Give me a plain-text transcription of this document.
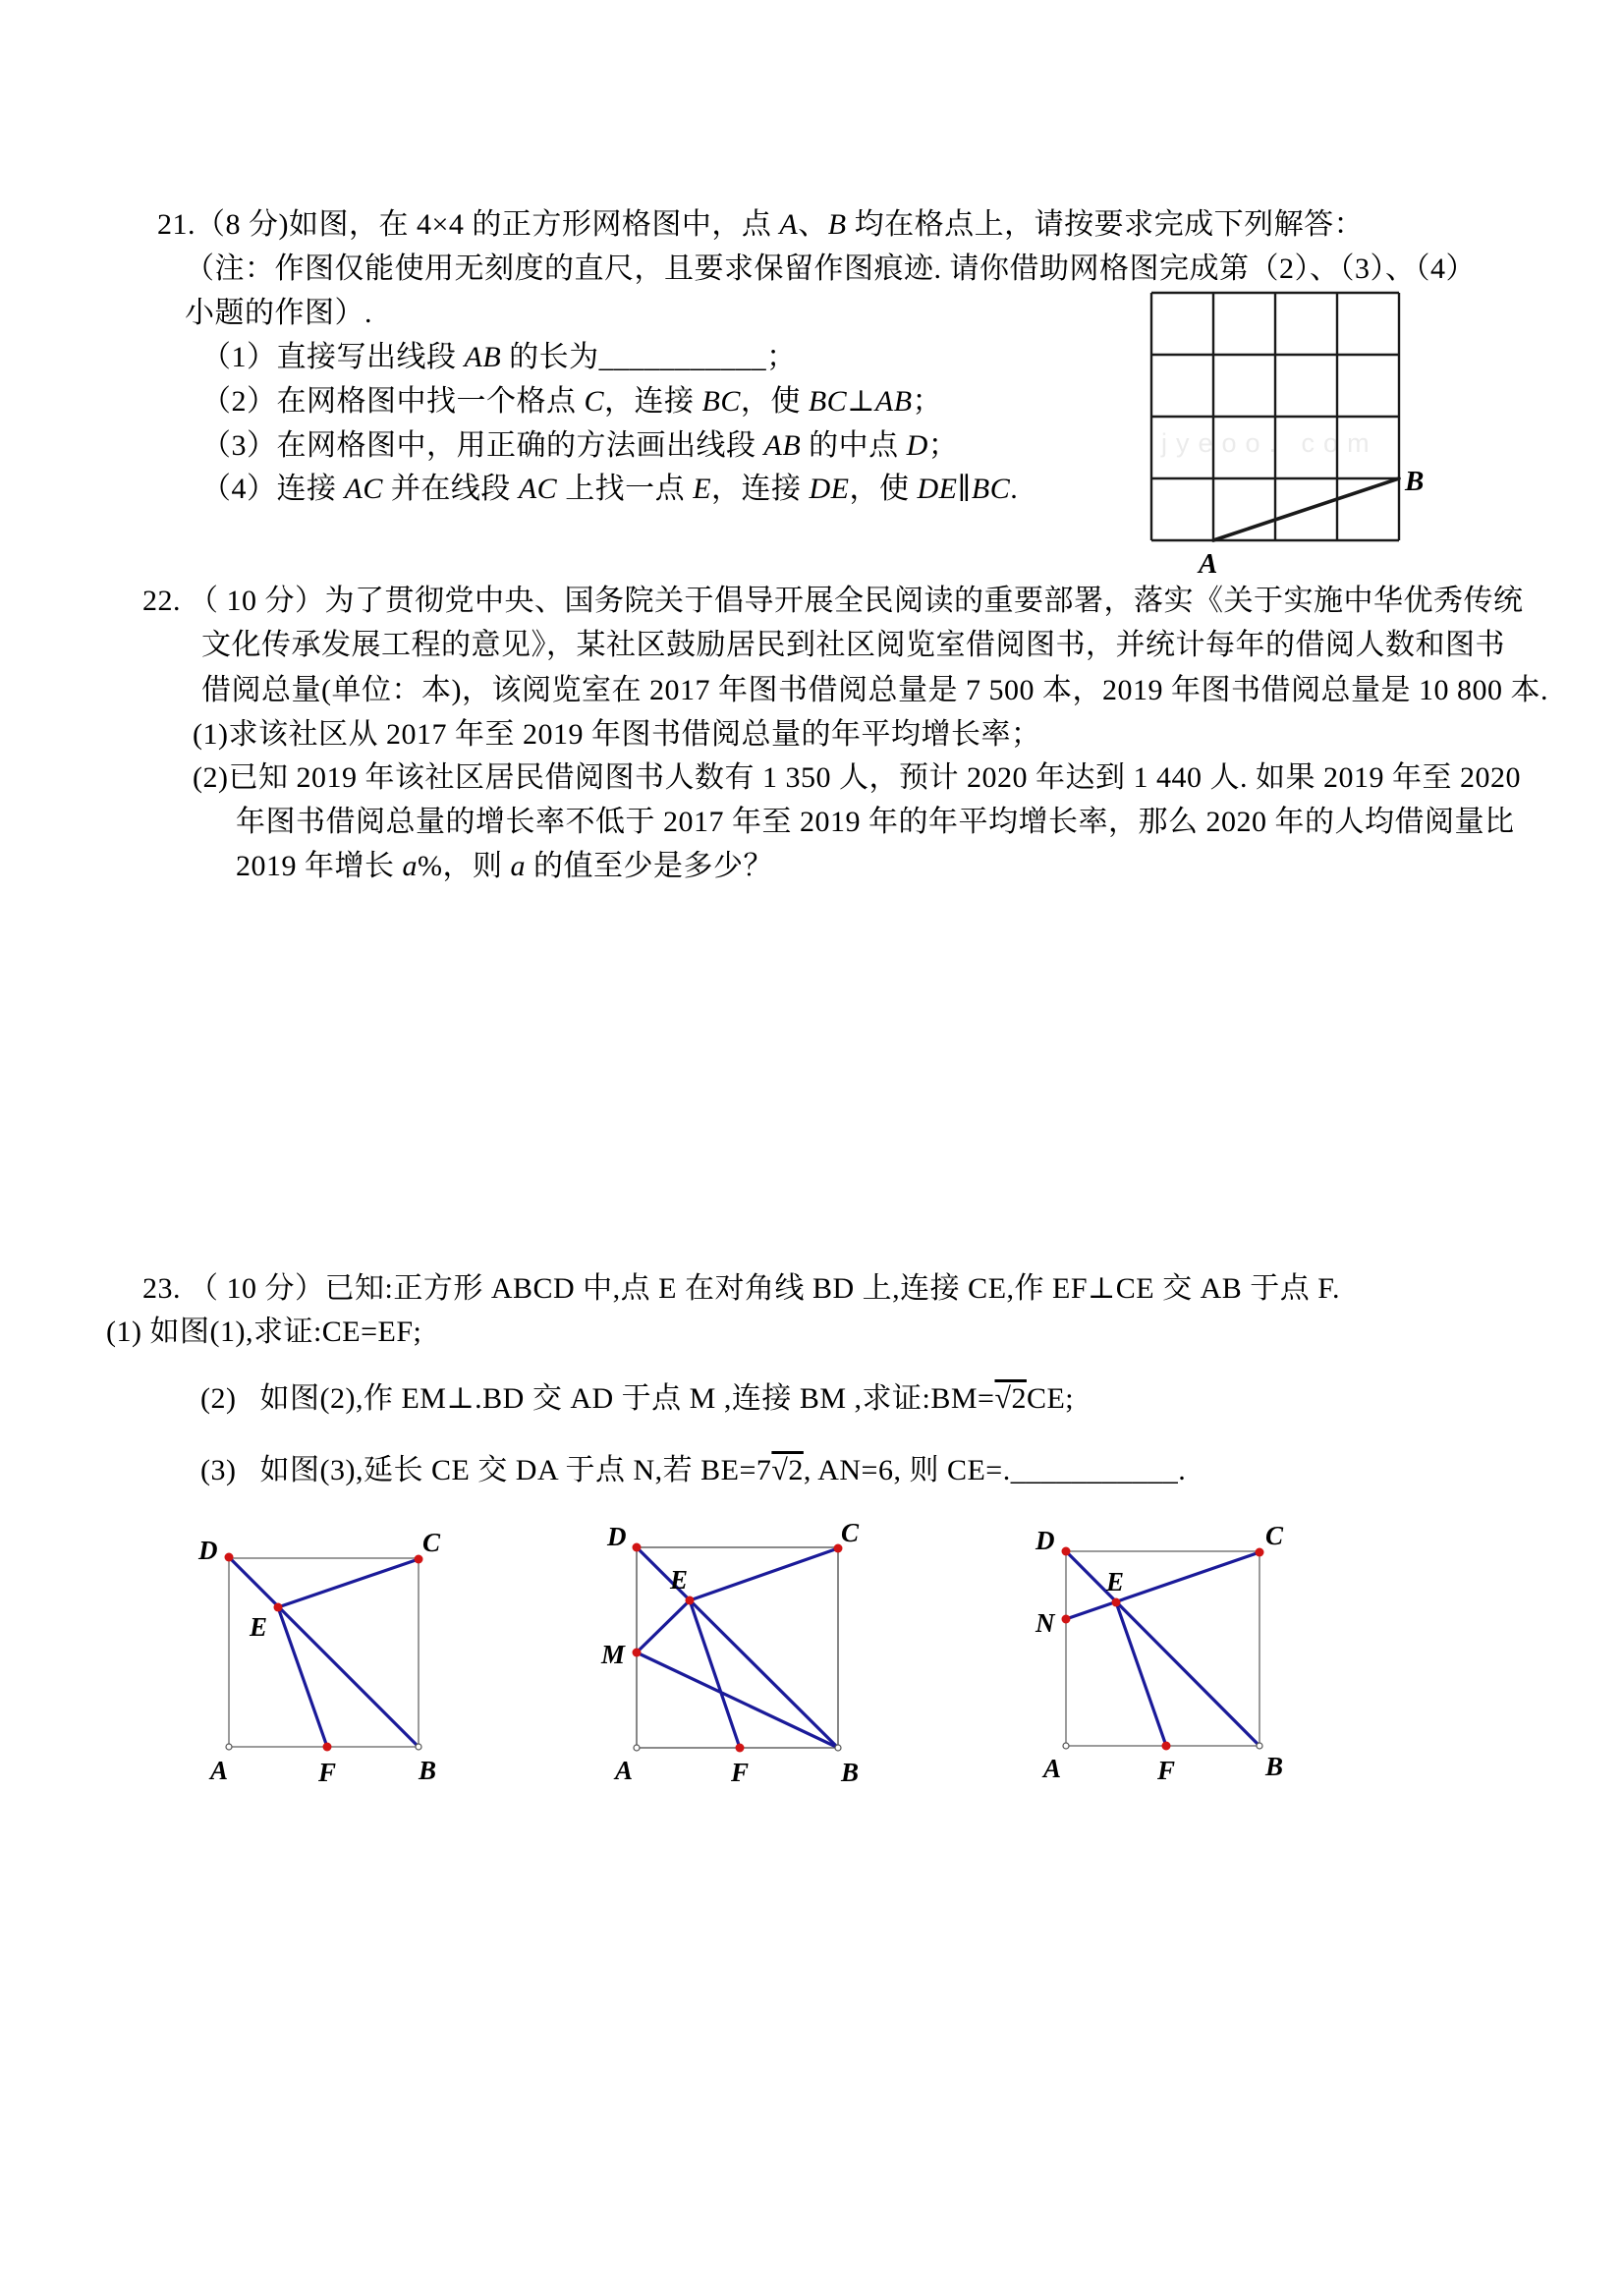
21.（8 分)如图，在 4×4 的正方形网格图中，点 A、B 均在格点上，请按要求完成下列解答：
（注：作图仅能使用无刻度的直尺，且要求保留作图痕迹. 请你借助网格图完成第（2）、（3）、（4）
小题的作图）.
（1）直接写出线段 AB 的长为___________；
（2）在网格图中找一个格点 C，连接 BC，使 BC⊥AB；
（3）在网格图中，用正确的方法画出线段 AB 的中点 D；
（4）连接 AC 并在线段 AC 上找一点 E，连接 DE，使 DE∥BC.
jyeoo. com
A
B
22. （ 10 分）为了贯彻党中央、国务院关于倡导开展全民阅读的重要部署，落实《关于实施中华优秀传统
文化传承发展工程的意见》，某社区鼓励居民到社区阅览室借阅图书，并统计每年的借阅人数和图书
借阅总量(单位：本)，该阅览室在 2017 年图书借阅总量是 7 500 本，2019 年图书借阅总量是 10 800 本.
(1)求该社区从 2017 年至 2019 年图书借阅总量的年平均增长率；
(2)已知 2019 年该社区居民借阅图书人数有 1 350 人，预计 2020 年达到 1 440 人. 如果 2019 年至 2020
年图书借阅总量的增长率不低于 2017 年至 2019 年的年平均增长率，那么 2020 年的人均借阅量比
2019 年增长 a%，则 a 的值至少是多少？
23. （ 10 分）已知:正方形 ABCD 中,点 E 在对角线 BD 上,连接 CE,作 EF⊥CE 交 AB 于点 F.
(1) 如图(1),求证:CE=EF;
(2)   如图(2),作 EM⊥.BD 交 AD 于点 M ,连接 BM ,求证:BM=√2CE;
(3)   如图(3),延长 CE 交 DA 于点 N,若 BE=7√2, AN=6, 则 CE=.___________.
D	C
E
A	F	B
D	C
E
M
A	F	B
D	C
E
N
A	F	B
